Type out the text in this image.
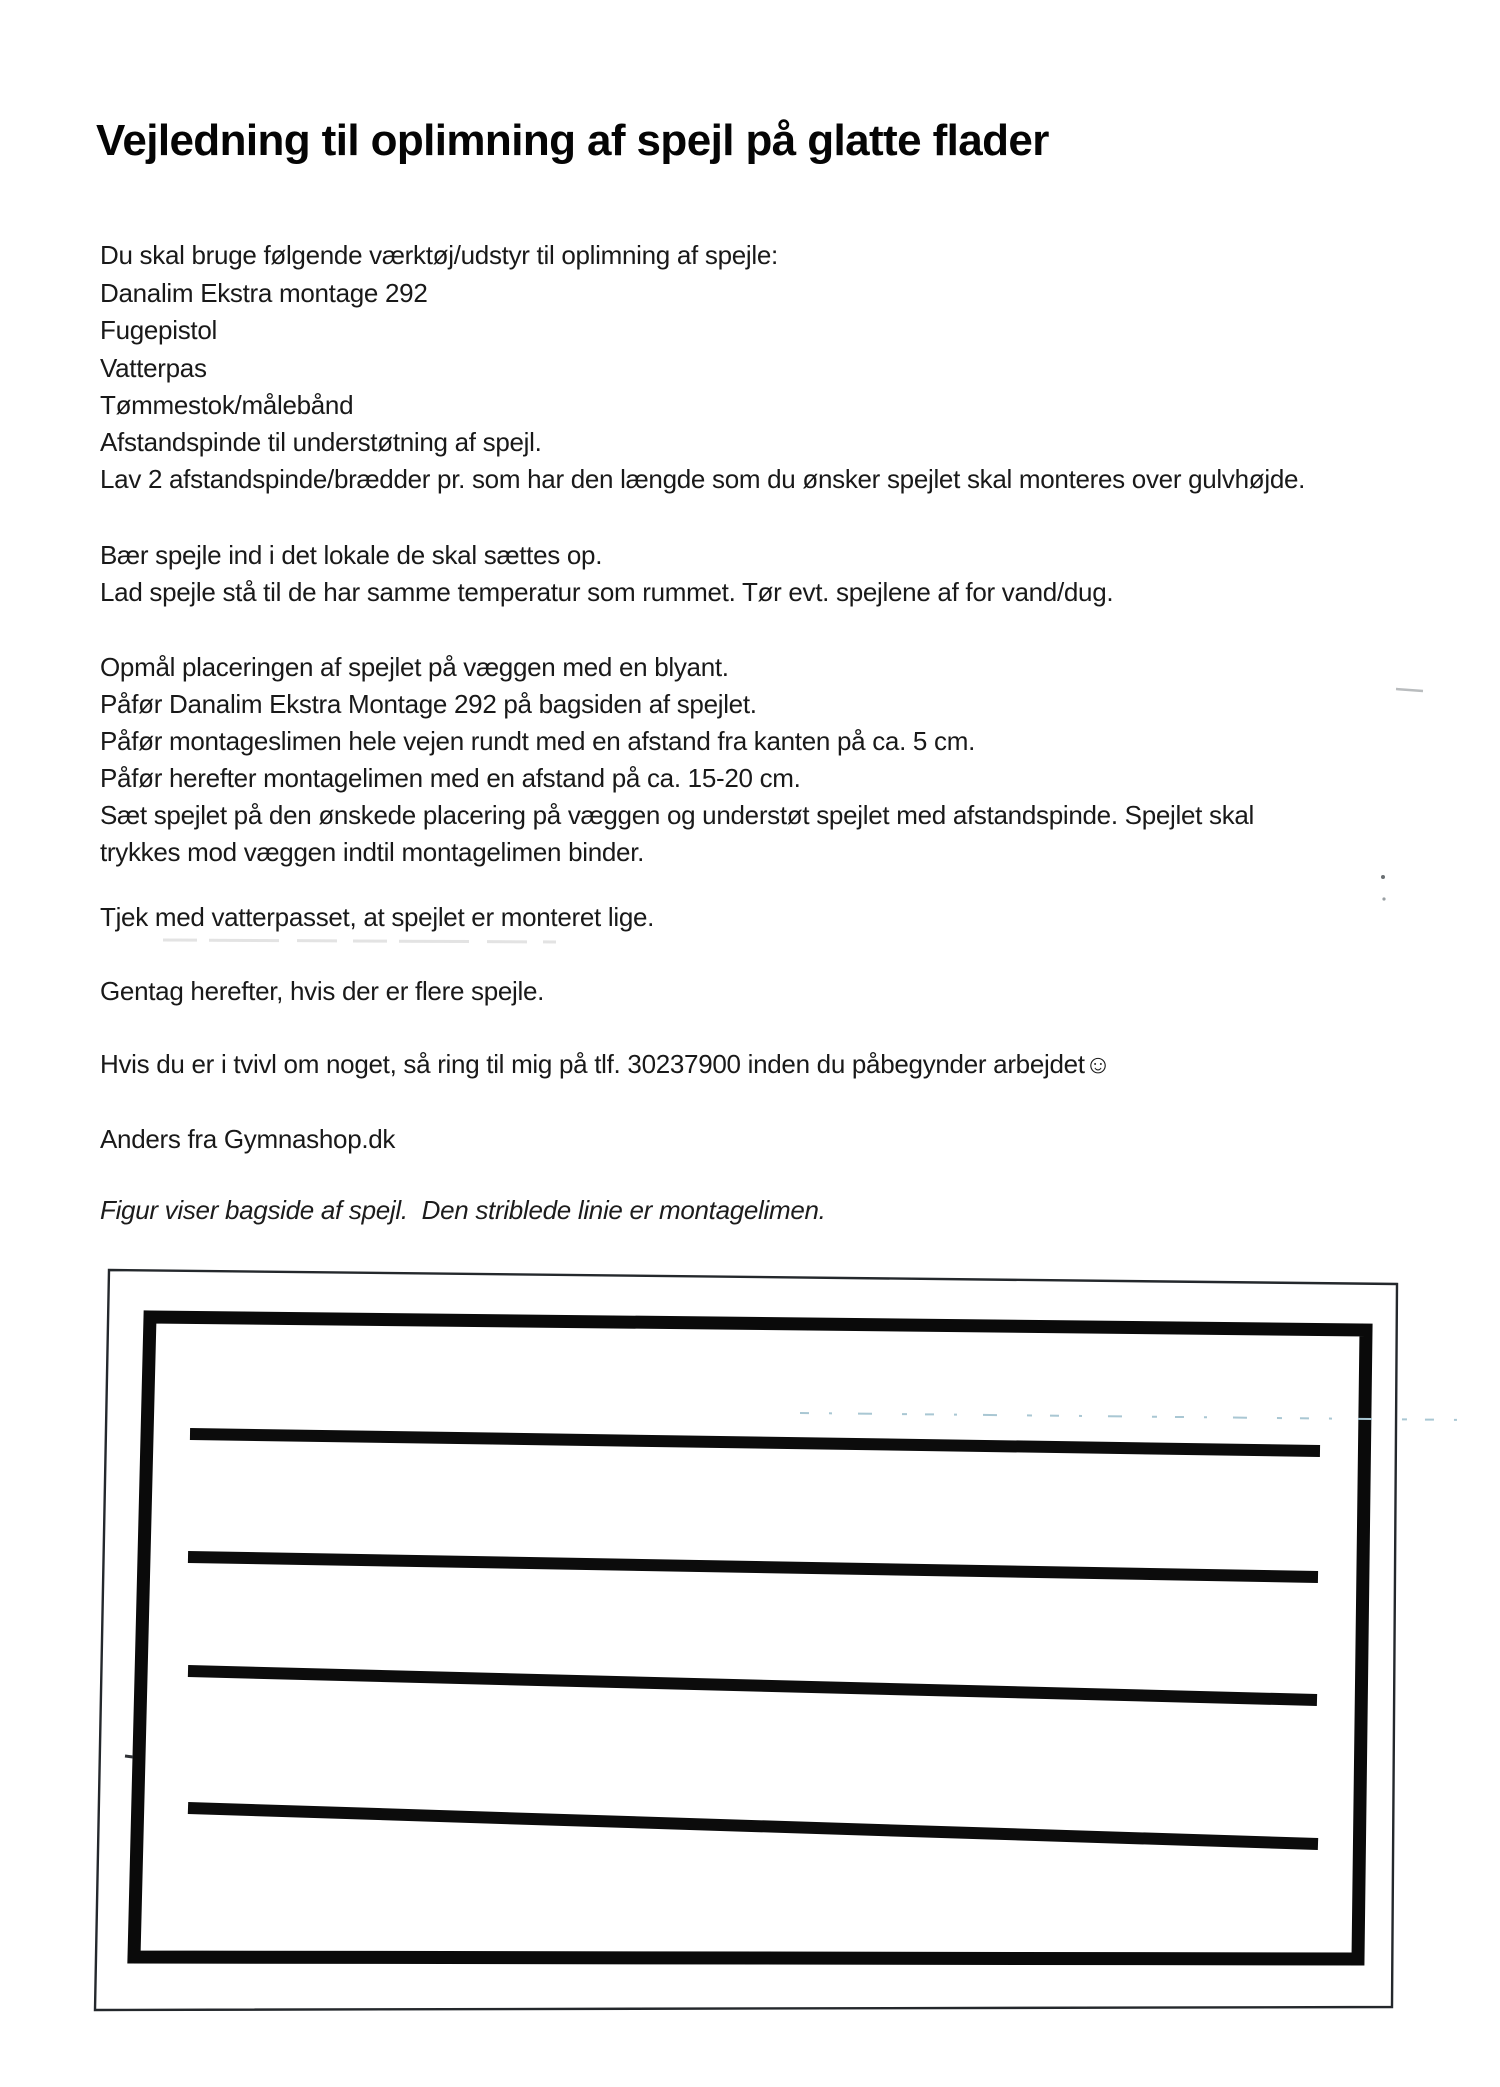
Vejledning til oplimning af spejl på glatte flader
Du skal bruge følgende værktøj/udstyr til oplimning af spejle:
Danalim Ekstra montage 292
Fugepistol
Vatterpas
Tømmestok/målebånd
Afstandspinde til understøtning af spejl.
Lav 2 afstandspinde/brædder pr. som har den længde som du ønsker spejlet skal monteres over gulvhøjde.
Bær spejle ind i det lokale de skal sættes op.
Lad spejle stå til de har samme temperatur som rummet. Tør evt. spejlene af for vand/dug.
Opmål placeringen af spejlet på væggen med en blyant.
Påfør Danalim Ekstra Montage 292 på bagsiden af spejlet.
Påfør montageslimen hele vejen rundt med en afstand fra kanten på ca. 5 cm.
Påfør herefter montagelimen med en afstand på ca. 15-20 cm.
Sæt spejlet på den ønskede placering på væggen og understøt spejlet med afstandspinde. Spejlet skal
trykkes mod væggen indtil montagelimen binder.
Tjek med vatterpasset, at spejlet er monteret lige.
Gentag herefter, hvis der er flere spejle.
Hvis du er i tvivl om noget, så ring til mig på tlf. 30237900 inden du påbegynder arbejdet☺
Anders fra Gymnashop.dk
Figur viser bagside af spejl.  Den striblede linie er montagelimen.
